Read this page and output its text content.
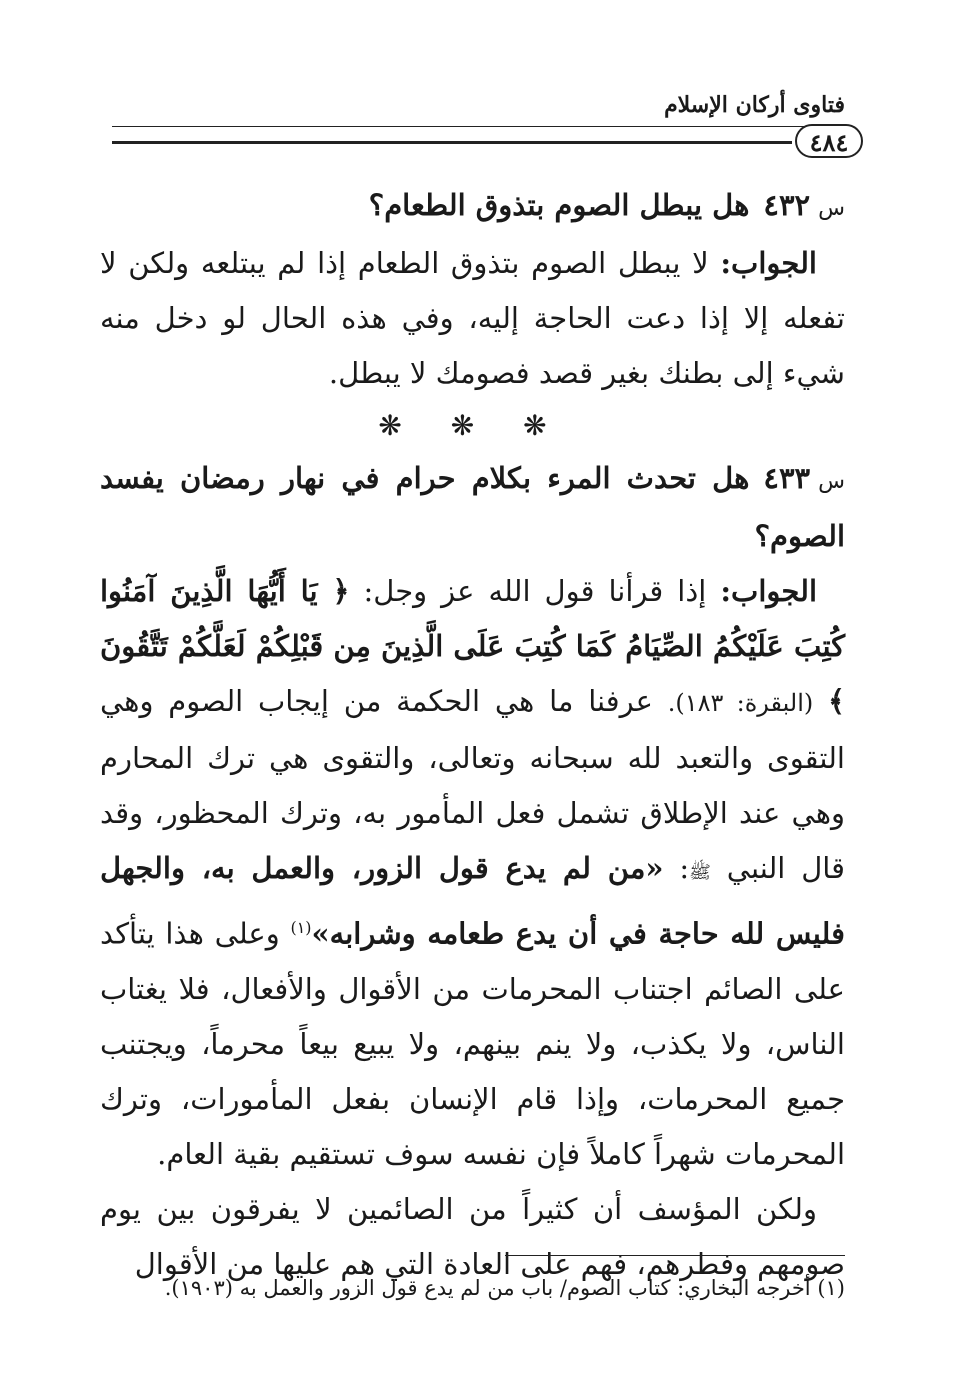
فتاوى أركان الإسلام
٤٨٤

س٤٣٢هل يبطل الصوم بتذوق الطعام؟

الجواب: لا يبطل الصوم بتذوق الطعام إذا لم يبتلعه ولكن لا تفعله إلا إذا دعت الحاجة إليه، وفي هذه الحال لو دخل منه شيء إلى بطنك بغير قصد فصومك لا يبطل.

❋ ❋ ❋

س٤٣٣هل تحدث المرء بكلام حرام في نهار رمضان يفسد الصوم؟

الجواب: إذا قرأنا قول الله عز وجل: ﴿ يَا أَيُّهَا الَّذِينَ آمَنُوا كُتِبَ عَلَيْكُمُ الصِّيَامُ كَمَا كُتِبَ عَلَى الَّذِينَ مِن قَبْلِكُمْ لَعَلَّكُمْ تَتَّقُونَ ﴾ (البقرة: ١٨٣). عرفنا ما هي الحكمة من إيجاب الصوم وهي التقوى والتعبد لله سبحانه وتعالى، والتقوى هي ترك المحارم وهي عند الإطلاق تشمل فعل المأمور به، وترك المحظور، وقد قال النبي ﷺ: «من لم يدع قول الزور، والعمل به، والجهل فليس لله حاجة في أن يدع طعامه وشرابه»$^{(١)}$ وعلى هذا يتأكد على الصائم اجتناب المحرمات من الأقوال والأفعال، فلا يغتاب الناس، ولا يكذب، ولا ينم بينهم، ولا يبيع بيعاً محرماً، ويجتنب جميع المحرمات، وإذا قام الإنسان بفعل المأمورات، وترك المحرمات شهراً كاملاً فإن نفسه سوف تستقيم بقية العام.

ولكن المؤسف أن كثيراً من الصائمين لا يفرقون بين يوم صومهم وفطرهم، فهم على العادة التي هم عليها من الأقوال

(١) أخرجه البخاري: كتاب الصوم/ باب من لم يدع قول الزور والعمل به (١٩٠٣).
